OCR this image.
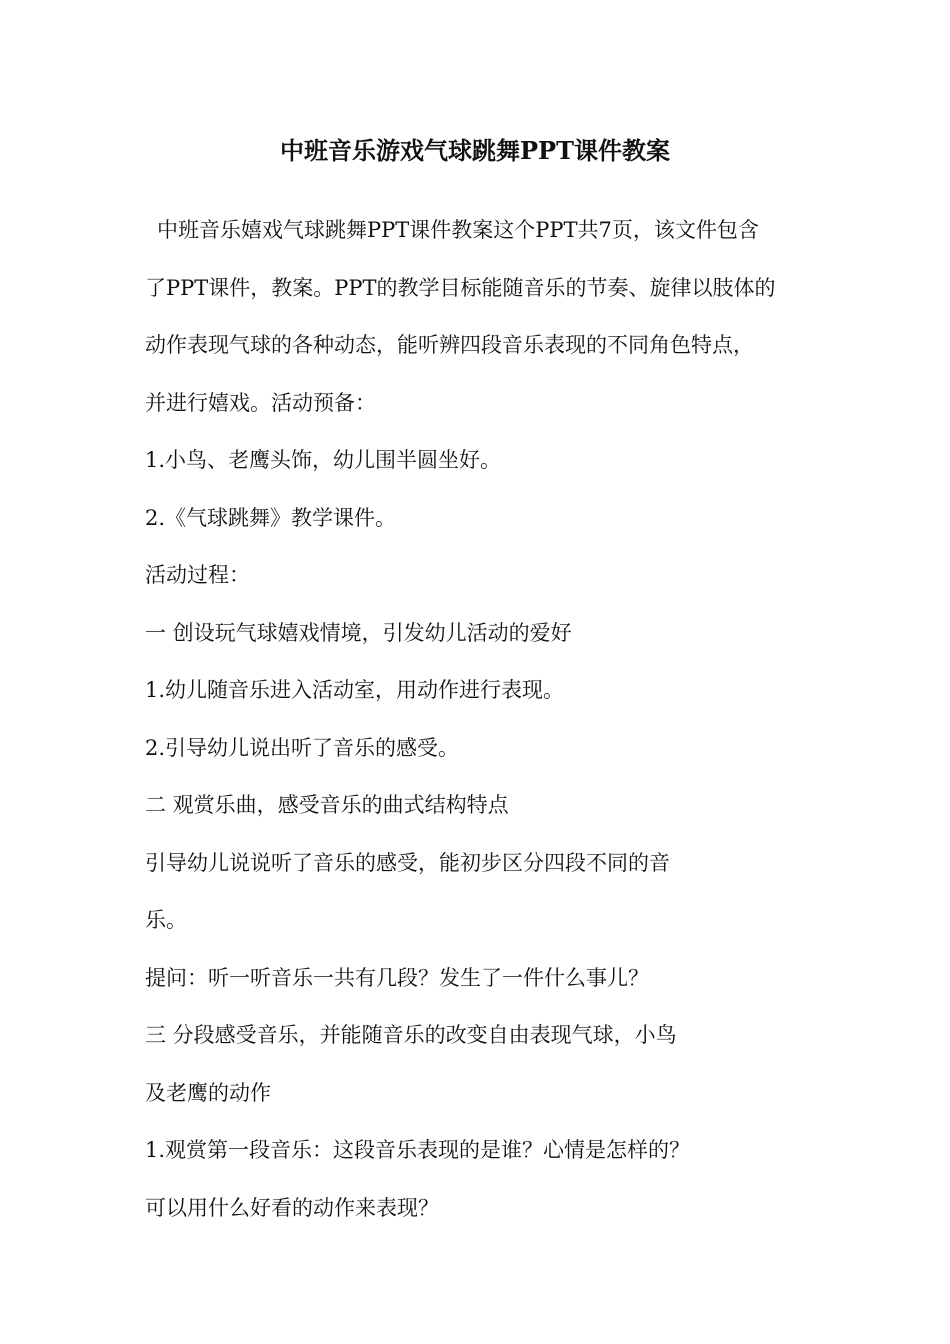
中班音乐游戏气球跳舞PPT课件教案

中班音乐嬉戏气球跳舞PPT课件教案这个PPT共7页，该文件包含

了PPT课件，教案。PPT的教学目标能随音乐的节奏、旋律以肢体的

动作表现气球的各种动态，能听辨四段音乐表现的不同角色特点，

并进行嬉戏。活动预备：

1.小鸟、老鹰头饰，幼儿围半圆坐好。

2.《气球跳舞》教学课件。

活动过程：

一 创设玩气球嬉戏情境，引发幼儿活动的爱好

1.幼儿随音乐进入活动室，用动作进行表现。

2.引导幼儿说出听了音乐的感受。

二 观赏乐曲，感受音乐的曲式结构特点

引导幼儿说说听了音乐的感受，能初步区分四段不同的音

乐。

提问：听一听音乐一共有几段？发生了一件什么事儿？

三 分段感受音乐，并能随音乐的改变自由表现气球，小鸟

及老鹰的动作

1.观赏第一段音乐：这段音乐表现的是谁？心情是怎样的？

可以用什么好看的动作来表现？
